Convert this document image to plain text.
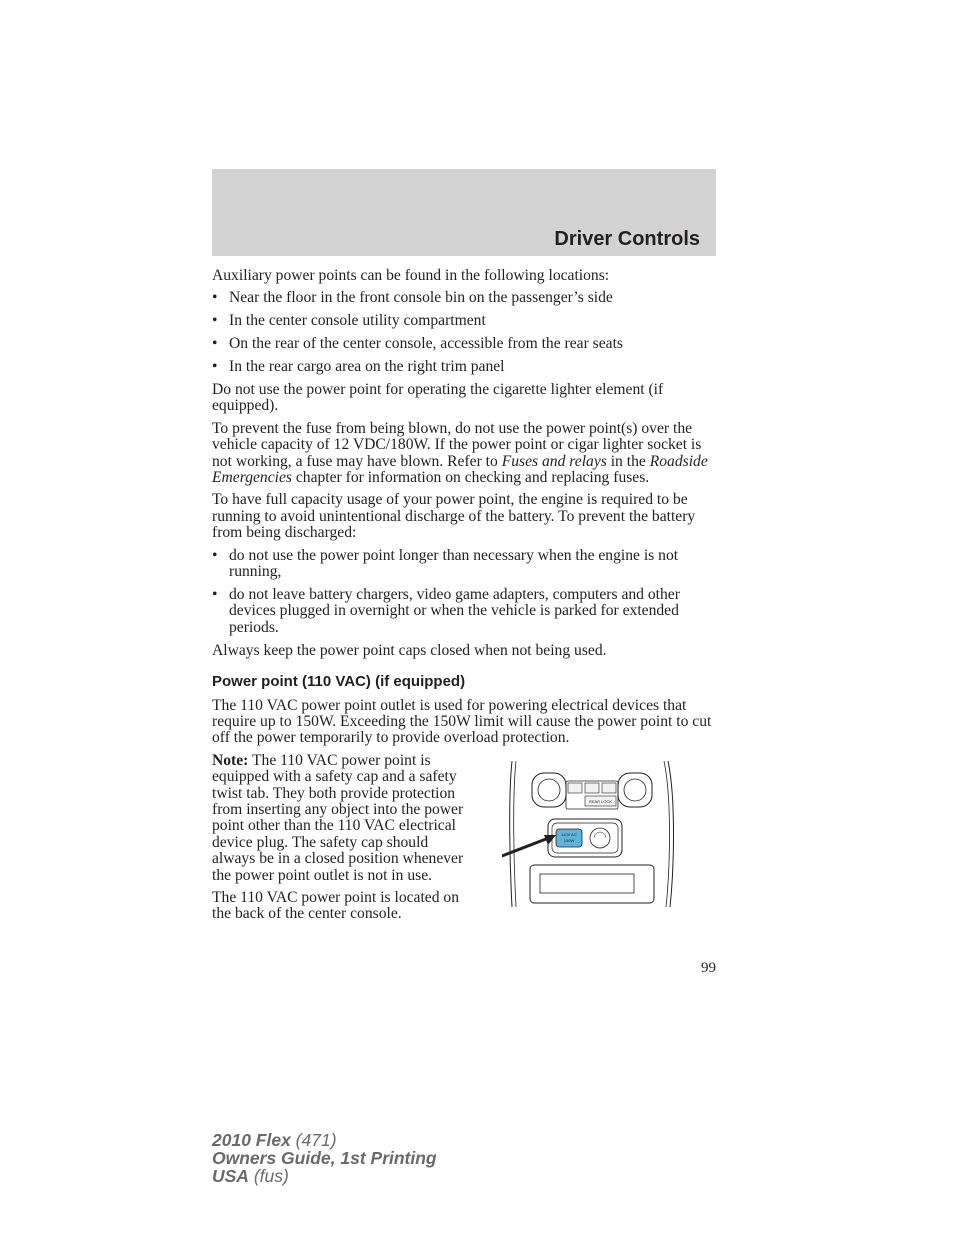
Driver Controls

Auxiliary power points can be found in the following locations:

• Near the floor in the front console bin on the passenger’s side
• In the center console utility compartment
• On the rear of the center console, accessible from the rear seats
• In the rear cargo area on the right trim panel

Do not use the power point for operating the cigarette lighter element (if equipped).

To prevent the fuse from being blown, do not use the power point(s) over the vehicle capacity of 12 VDC/180W. If the power point or cigar lighter socket is not working, a fuse may have blown. Refer to Fuses and relays in the Roadside Emergencies chapter for information on checking and replacing fuses.

To have full capacity usage of your power point, the engine is required to be running to avoid unintentional discharge of the battery. To prevent the battery from being discharged:

• do not use the power point longer than necessary when the engine is not running,
• do not leave battery chargers, video game adapters, computers and other devices plugged in overnight or when the vehicle is parked for extended periods.

Always keep the power point caps closed when not being used.

Power point (110 VAC) (if equipped)

The 110 VAC power point outlet is used for powering electrical devices that require up to 150W. Exceeding the 150W limit will cause the power point to cut off the power temporarily to provide overload protection.

Note: The 110 VAC power point is equipped with a safety cap and a safety twist tab. They both provide protection from inserting any object into the power point other than the 110 VAC electrical device plug. The safety cap should always be in a closed position whenever the power point outlet is not in use.

The 110 VAC power point is located on the back of the center console.

REAR LOCK
110V AC
150W
99
2010 Flex (471)
Owners Guide, 1st Printing
USA (fus)
